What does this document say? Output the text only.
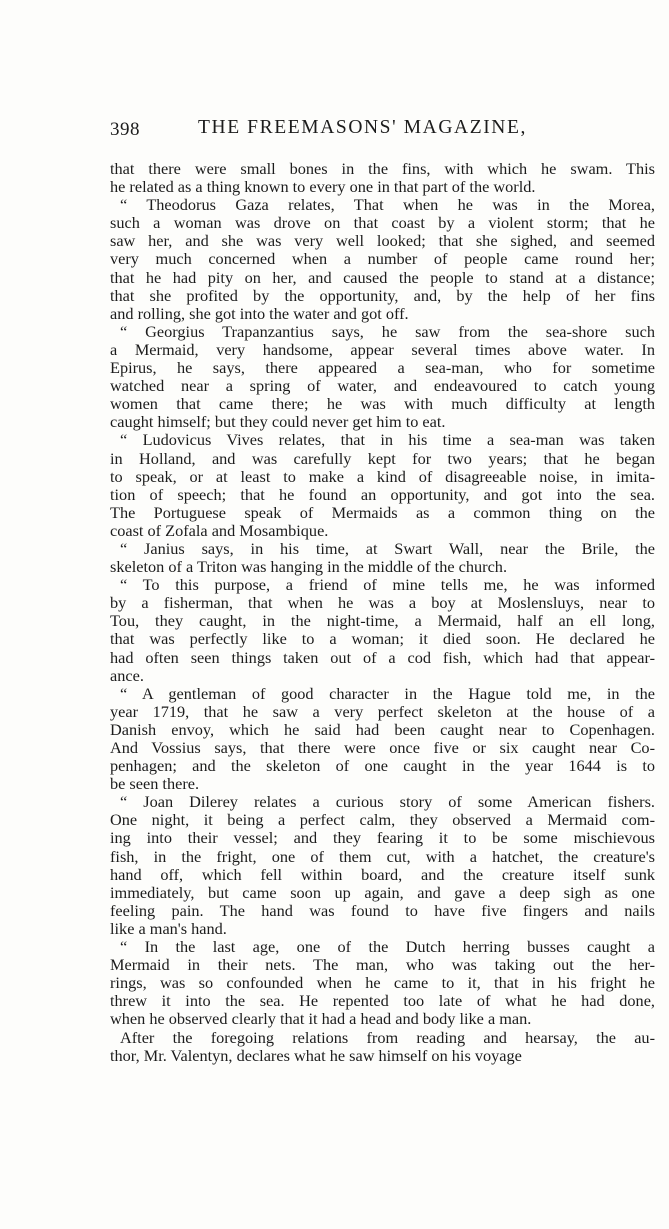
398	THE FREEMASONS' MAGAZINE,
that there were small bones in the fins, with which he swam. This
he related as a thing known to every one in that part of the world.
“ Theodorus Gaza relates, That when he was in the Morea,
such a woman was drove on that coast by a violent storm; that he
saw her, and she was very well looked; that she sighed, and seemed
very much concerned when a number of people came round her;
that he had pity on her, and caused the people to stand at a distance;
that she profited by the opportunity, and, by the help of her fins
and rolling, she got into the water and got off.
“ Georgius Trapanzantius says, he saw from the sea-shore such
a Mermaid, very handsome, appear several times above water. In
Epirus, he says, there appeared a sea-man, who for sometime
watched near a spring of water, and endeavoured to catch young
women that came there; he was with much difficulty at length
caught himself; but they could never get him to eat.
“ Ludovicus Vives relates, that in his time a sea-man was taken
in Holland, and was carefully kept for two years; that he began
to speak, or at least to make a kind of disagreeable noise, in imita-
tion of speech; that he found an opportunity, and got into the sea.
The Portuguese speak of Mermaids as a common thing on the
coast of Zofala and Mosambique.
“ Janius says, in his time, at Swart Wall, near the Brile, the
skeleton of a Triton was hanging in the middle of the church.
“ To this purpose, a friend of mine tells me, he was informed
by a fisherman, that when he was a boy at Moslensluys, near to
Tou, they caught, in the night-time, a Mermaid, half an ell long,
that was perfectly like to a woman; it died soon. He declared he
had often seen things taken out of a cod fish, which had that appear-
ance.
“ A gentleman of good character in the Hague told me, in the
year 1719, that he saw a very perfect skeleton at the house of a
Danish envoy, which he said had been caught near to Copenhagen.
And Vossius says, that there were once five or six caught near Co-
penhagen; and the skeleton of one caught in the year 1644 is to
be seen there.
“ Joan Dilerey relates a curious story of some American fishers.
One night, it being a perfect calm, they observed a Mermaid com-
ing into their vessel; and they fearing it to be some mischievous
fish, in the fright, one of them cut, with a hatchet, the creature's
hand off, which fell within board, and the creature itself sunk
immediately, but came soon up again, and gave a deep sigh as one
feeling pain. The hand was found to have five fingers and nails
like a man's hand.
“ In the last age, one of the Dutch herring busses caught a
Mermaid in their nets. The man, who was taking out the her-
rings, was so confounded when he came to it, that in his fright he
threw it into the sea. He repented too late of what he had done,
when he observed clearly that it had a head and body like a man.
After the foregoing relations from reading and hearsay, the au-
thor, Mr. Valentyn, declares what he saw himself on his voyage
